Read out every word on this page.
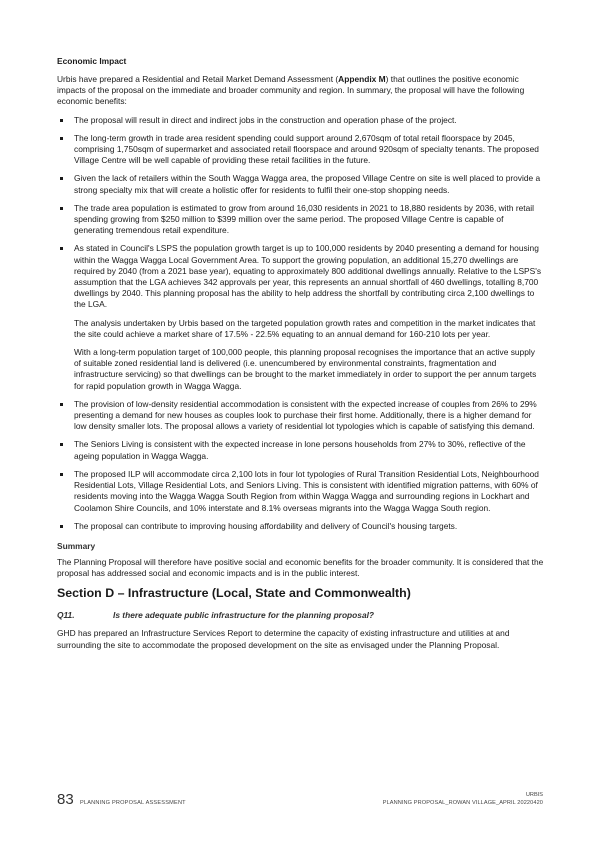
Economic Impact

Urbis have prepared a Residential and Retail Market Demand Assessment (Appendix M) that outlines the positive economic impacts of the proposal on the immediate and broader community and region. In summary, the proposal will have the following economic benefits:

The proposal will result in direct and indirect jobs in the construction and operation phase of the project.
The long-term growth in trade area resident spending could support around 2,670sqm of total retail floorspace by 2045, comprising 1,750sqm of supermarket and associated retail floorspace and around 920sqm of specialty tenants. The proposed Village Centre will be well capable of providing these retail facilities in the future.
Given the lack of retailers within the South Wagga Wagga area, the proposed Village Centre on site is well placed to provide a strong specialty mix that will create a holistic offer for residents to fulfil their one-stop shopping needs.
The trade area population is estimated to grow from around 16,030 residents in 2021 to 18,880 residents by 2036, with retail spending growing from $250 million to $399 million over the same period. The proposed Village Centre is capable of generating tremendous retail expenditure.

As stated in Council's LSPS the population growth target is up to 100,000 residents by 2040 presenting a demand for housing within the Wagga Wagga Local Government Area. To support the growing population, an additional 15,270 dwellings are required by 2040 (from a 2021 base year), equating to approximately 800 additional dwellings annually. Relative to the LSPS's assumption that the LGA achieves 342 approvals per year, this represents an annual shortfall of 460 dwellings, totalling 8,700 dwellings by 2040. This planning proposal has the ability to help address the shortfall by contributing circa 2,100 dwellings to the LGA.

The analysis undertaken by Urbis based on the targeted population growth rates and competition in the market indicates that the site could achieve a market share of 17.5% - 22.5% equating to an annual demand for 160-210 lots per year.

With a long-term population target of 100,000 people, this planning proposal recognises the importance that an active supply of suitable zoned residential land is delivered (i.e. unencumbered by environmental constraints, fragmentation and infrastructure servicing) so that dwellings can be brought to the market immediately in order to support the per annum targets for rapid population growth in Wagga Wagga.

The provision of low-density residential accommodation is consistent with the expected increase of couples from 26% to 29% presenting a demand for new houses as couples look to purchase their first home. Additionally, there is a higher demand for low density smaller lots. The proposal allows a variety of residential lot typologies which is capable of satisfying this demand.
The Seniors Living is consistent with the expected increase in lone persons households from 27% to 30%, reflective of the ageing population in Wagga Wagga.
The proposed ILP will accommodate circa 2,100 lots in four lot typologies of Rural Transition Residential Lots, Neighbourhood Residential Lots, Village Residential Lots, and Seniors Living. This is consistent with identified migration patterns, with 60% of residents moving into the Wagga Wagga South Region from within Wagga Wagga and surrounding regions in Lockhart and Coolamon Shire Councils, and 10% interstate and 8.1% overseas migrants into the Wagga Wagga South region.
The proposal can contribute to improving housing affordability and delivery of Council's housing targets.
Summary

The Planning Proposal will therefore have positive social and economic benefits for the broader community. It is considered that the proposal has addressed social and economic impacts and is in the public interest.

Section D – Infrastructure (Local, State and Commonwealth)
Q11.	Is there adequate public infrastructure for the planning proposal?

GHD has prepared an Infrastructure Services Report to determine the capacity of existing infrastructure and utilities at and surrounding the site to accommodate the proposed development on the site as envisaged under the Planning Proposal.

83 PLANNING PROPOSAL ASSESSMENT
URBIS
PLANNING PROPOSAL_ROWAN VILLAGE_APRIL 20220420
